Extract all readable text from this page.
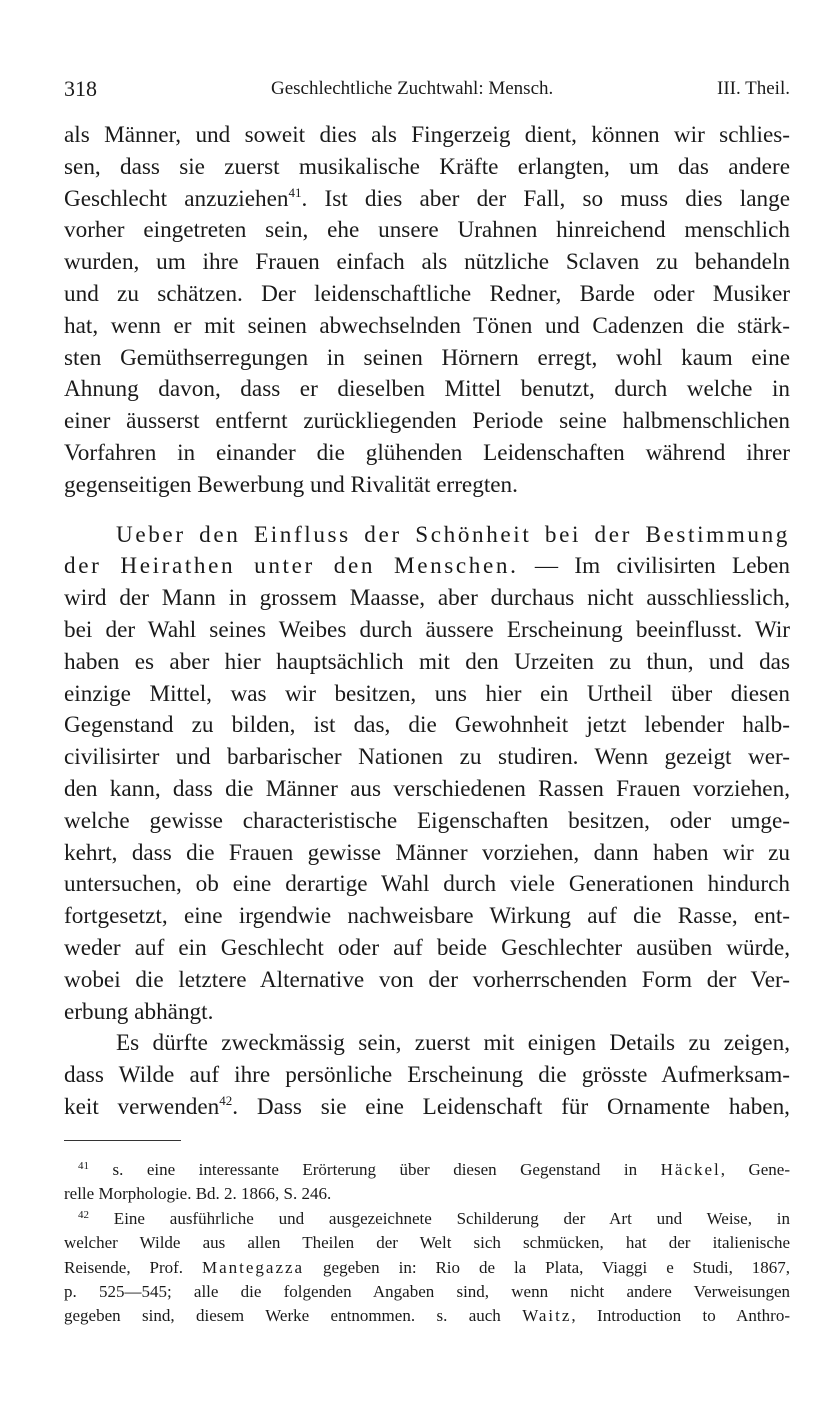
318	Geschlechtliche Zuchtwahl: Mensch.	III. Theil.
als Männer, und soweit dies als Fingerzeig dient, können wir schlies-
sen, dass sie zuerst musikalische Kräfte erlangten, um das andere
Geschlecht anzuziehen$^{41}$. Ist dies aber der Fall, so muss dies lange
vorher eingetreten sein, ehe unsere Urahnen hinreichend menschlich
wurden, um ihre Frauen einfach als nützliche Sclaven zu behandeln
und zu schätzen. Der leidenschaftliche Redner, Barde oder Musiker
hat, wenn er mit seinen abwechselnden Tönen und Cadenzen die stärk-
sten Gemüthserregungen in seinen Hörnern erregt, wohl kaum eine
Ahnung davon, dass er dieselben Mittel benutzt, durch welche in
einer äusserst entfernt zurückliegenden Periode seine halbmenschlichen
Vorfahren in einander die glühenden Leidenschaften während ihrer
gegenseitigen Bewerbung und Rivalität erregten.
Ueber den Einfluss der Schönheit bei der Bestimmung
der Heirathen unter den Menschen. — Im civilisirten Leben
wird der Mann in grossem Maasse, aber durchaus nicht ausschliesslich,
bei der Wahl seines Weibes durch äussere Erscheinung beeinflusst. Wir
haben es aber hier hauptsächlich mit den Urzeiten zu thun, und das
einzige Mittel, was wir besitzen, uns hier ein Urtheil über diesen
Gegenstand zu bilden, ist das, die Gewohnheit jetzt lebender halb-
civilisirter und barbarischer Nationen zu studiren. Wenn gezeigt wer-
den kann, dass die Männer aus verschiedenen Rassen Frauen vorziehen,
welche gewisse characteristische Eigenschaften besitzen, oder umge-
kehrt, dass die Frauen gewisse Männer vorziehen, dann haben wir zu
untersuchen, ob eine derartige Wahl durch viele Generationen hindurch
fortgesetzt, eine irgendwie nachweisbare Wirkung auf die Rasse, ent-
weder auf ein Geschlecht oder auf beide Geschlechter ausüben würde,
wobei die letztere Alternative von der vorherrschenden Form der Ver-
erbung abhängt.
Es dürfte zweckmässig sein, zuerst mit einigen Details zu zeigen,
dass Wilde auf ihre persönliche Erscheinung die grösste Aufmerksam-
keit verwenden$^{42}$. Dass sie eine Leidenschaft für Ornamente haben,
$^{41}$ s. eine interessante Erörterung über diesen Gegenstand in Häckel, Gene-
relle Morphologie. Bd. 2. 1866, S. 246.
$^{42}$ Eine ausführliche und ausgezeichnete Schilderung der Art und Weise, in
welcher Wilde aus allen Theilen der Welt sich schmücken, hat der italienische
Reisende, Prof. Mantegazza gegeben in: Rio de la Plata, Viaggi e Studi, 1867,
p. 525—545; alle die folgenden Angaben sind, wenn nicht andere Verweisungen
gegeben sind, diesem Werke entnommen. s. auch Waitz, Introduction to Anthro-
